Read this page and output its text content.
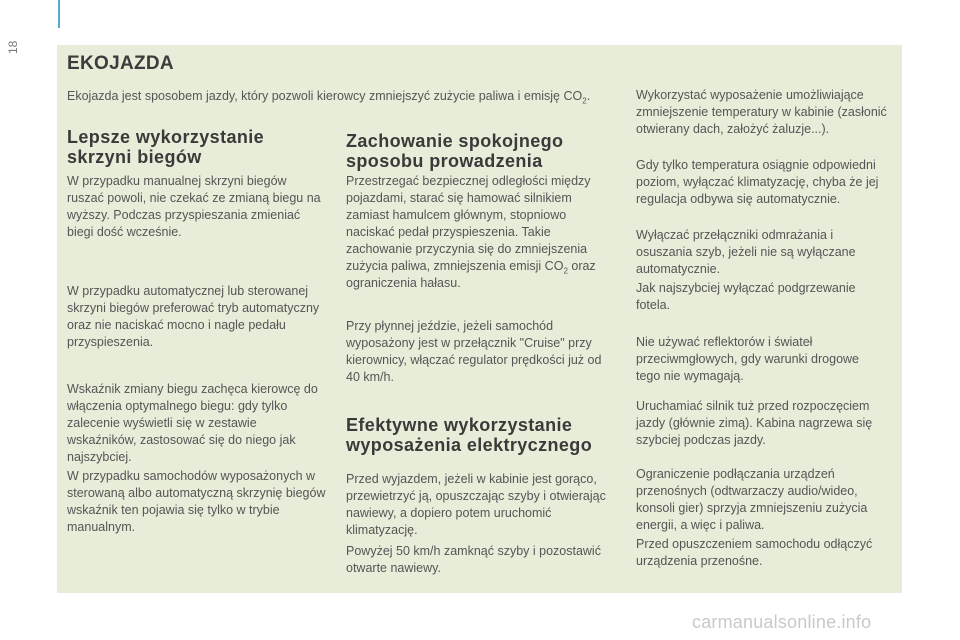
18
EKOJAZDA
Ekojazda jest sposobem jazdy, który pozwoli kierowcy zmniejszyć zużycie paliwa i emisję $CO_2$.
Lepsze wykorzystanie skrzyni biegów

W przypadku manualnej skrzyni biegów ruszać powoli, nie czekać ze zmianą biegu na wyższy. Podczas przyspieszania zmieniać biegi dość wcześnie.

W przypadku automatycznej lub sterowanej skrzyni biegów preferować tryb automatyczny oraz nie naciskać mocno i nagle pedału przyspieszenia.

Wskaźnik zmiany biegu zachęca kierowcę do włączenia optymalnego biegu: gdy tylko zalecenie wyświetli się w zestawie wskaźników, zastosować się do niego jak najszybciej.

W przypadku samochodów wyposażonych w sterowaną albo automatyczną skrzynię biegów wskaźnik ten pojawia się tylko w trybie manualnym.

Zachowanie spokojnego sposobu prowadzenia

Przestrzegać bezpiecznej odległości między pojazdami, starać się hamować silnikiem zamiast hamulcem głównym, stopniowo naciskać pedał przyspieszenia. Takie zachowanie przyczynia się do zmniejszenia zużycia paliwa, zmniejszenia emisji $CO_2$ oraz ograniczenia hałasu.

Przy płynnej jeździe, jeżeli samochód wyposażony jest w przełącznik "Cruise" przy kierownicy, włączać regulator prędkości już od 40 km/h.

Efektywne wykorzystanie wyposażenia elektrycznego

Przed wyjazdem, jeżeli w kabinie jest gorąco, przewietrzyć ją, opuszczając szyby i otwierając nawiewy, a dopiero potem uruchomić klimatyzację.

Powyżej 50 km/h zamknąć szyby i pozostawić otwarte nawiewy.

Wykorzystać wyposażenie umożliwiające zmniejszenie temperatury w kabinie (zasłonić otwierany dach, założyć żaluzje...).

Gdy tylko temperatura osiągnie odpowiedni poziom, wyłączać klimatyzację, chyba że jej regulacja odbywa się automatycznie.

Wyłączać przełączniki odmrażania i osuszania szyb, jeżeli nie są wyłączane automatycznie.

Jak najszybciej wyłączać podgrzewanie fotela.

Nie używać reflektorów i świateł przeciwmgłowych, gdy warunki drogowe tego nie wymagają.

Uruchamiać silnik tuż przed rozpoczęciem jazdy (głównie zimą). Kabina nagrzewa się szybciej podczas jazdy.

Ograniczenie podłączania urządzeń przenośnych (odtwarzaczy audio/wideo, konsoli gier) sprzyja zmniejszeniu zużycia energii, a więc i paliwa.

Przed opuszczeniem samochodu odłączyć urządzenia przenośne.

carmanualsonline.info
